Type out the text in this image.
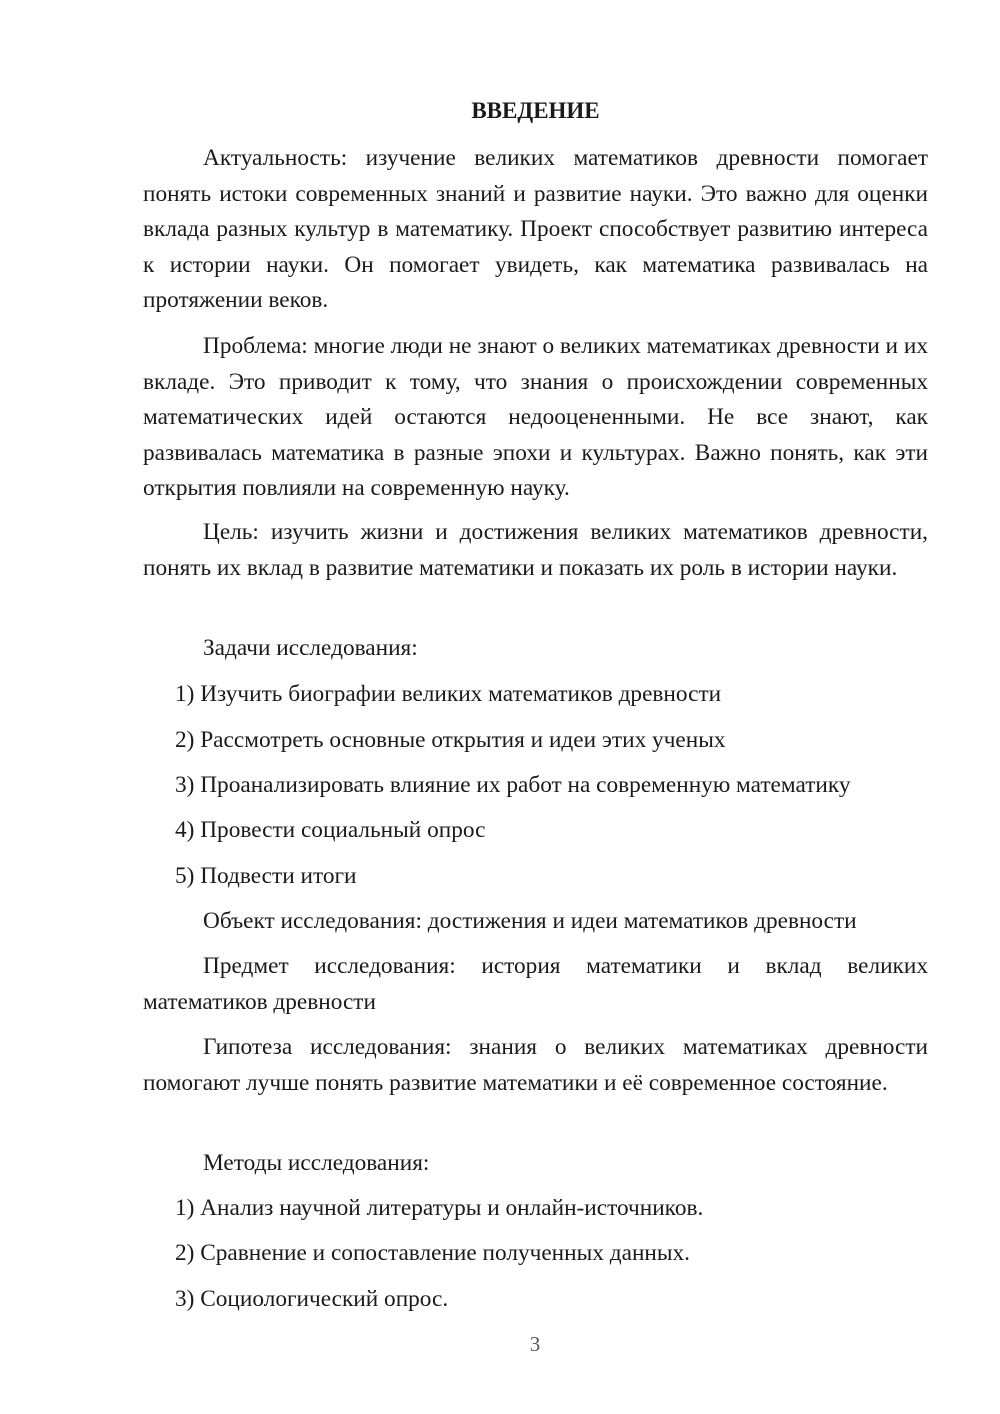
ВВЕДЕНИЕ

Актуальность: изучение великих математиков древности помогает понять истоки современных знаний и развитие науки. Это важно для оценки вклада разных культур в математику. Проект способствует развитию интереса к истории науки. Он помогает увидеть, как математика развивалась на протяжении веков.

Проблема: многие люди не знают о великих математиках древности и их вкладе. Это приводит к тому, что знания о происхождении современных математических идей остаются недооцененными. Не все знают, как развивалась математика в разные эпохи и культурах. Важно понять, как эти открытия повлияли на современную науку.

Цель: изучить жизни и достижения великих математиков древности, понять их вклад в развитие математики и показать их роль в истории науки.

Задачи исследования:

1) Изучить биографии великих математиков древности

2) Рассмотреть основные открытия и идеи этих ученых

3) Проанализировать влияние их работ на современную математику

4) Провести социальный опрос

5) Подвести итоги

Объект исследования: достижения и идеи математиков древности

Предмет исследования: история математики и вклад великих математиков древности

Гипотеза исследования: знания о великих математиках древности помогают лучше понять развитие математики и её современное состояние.

Методы исследования:

1) Анализ научной литературы и онлайн-источников.

2) Сравнение и сопоставление полученных данных.

3) Социологический опрос.

3
